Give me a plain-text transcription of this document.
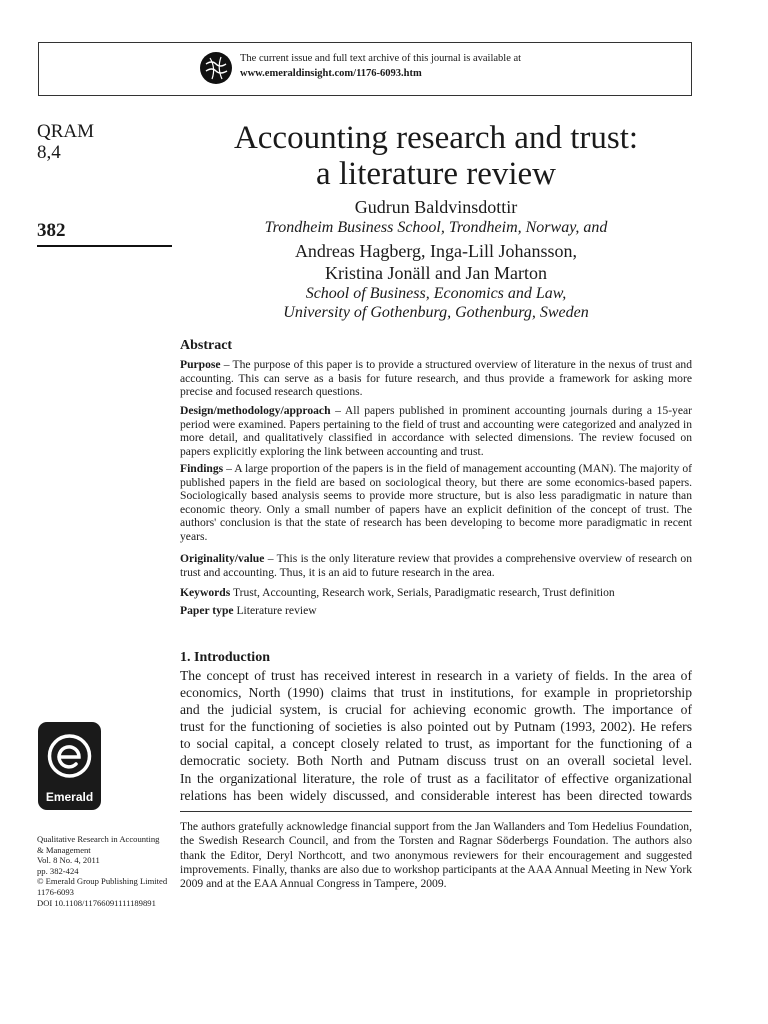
The current issue and full text archive of this journal is available at
www.emeraldinsight.com/1176-6093.htm
QRAM
8,4
382
Accounting research and trust:
a literature review
Gudrun Baldvinsdottir
Trondheim Business School, Trondheim, Norway, and
Andreas Hagberg, Inga-Lill Johansson,
Kristina Jonäll and Jan Marton
School of Business, Economics and Law,
University of Gothenburg, Gothenburg, Sweden
Abstract
Purpose – The purpose of this paper is to provide a structured overview of literature in the nexus of trust and accounting. This can serve as a basis for future research, and thus provide a framework for asking more precise and focused research questions.
Design/methodology/approach – All papers published in prominent accounting journals during a 15-year period were examined. Papers pertaining to the field of trust and accounting were categorized and analyzed in more detail, and qualitatively classified in accordance with selected dimensions. The review focused on papers explicitly exploring the link between accounting and trust.
Findings – A large proportion of the papers is in the field of management accounting (MAN). The majority of published papers in the field are based on sociological theory, but there are some economics-based papers. Sociologically based analysis seems to provide more structure, but is also less paradigmatic in nature than economic theory. Only a small number of papers have an explicit definition of the concept of trust. The authors' conclusion is that the state of research has been developing to become more paradigmatic in recent years.
Originality/value – This is the only literature review that provides a comprehensive overview of research on trust and accounting. Thus, it is an aid to future research in the area.
Keywords Trust, Accounting, Research work, Serials, Paradigmatic research, Trust definition
Paper type Literature review
1. Introduction
The concept of trust has received interest in research in a variety of fields. In the area of
economics, North (1990) claims that trust in institutions, for example in proprietorship
and the judicial system, is crucial for achieving economic growth. The importance of
trust for the functioning of societies is also pointed out by Putnam (1993, 2002). He refers
to social capital, a concept closely related to trust, as important for the functioning of a
democratic society. Both North and Putnam discuss trust on an overall societal level.
In the organizational literature, the role of trust as a facilitator of effective organizational
relations has been widely discussed, and considerable interest has been directed towards
The authors gratefully acknowledge financial support from the Jan Wallanders and Tom Hedelius Foundation, the Swedish Research Council, and from the Torsten and Ragnar Söderbergs Foundation. The authors also thank the Editor, Deryl Northcott, and two anonymous reviewers for their encouragement and suggested improvements. Finally, thanks are also due to workshop participants at the AAA Annual Meeting in New York 2009 and at the EAA Annual Congress in Tampere, 2009.
Emerald
Qualitative Research in Accounting
& Management
Vol. 8 No. 4, 2011
pp. 382-424
© Emerald Group Publishing Limited
1176-6093
DOI 10.1108/11766091111189891
